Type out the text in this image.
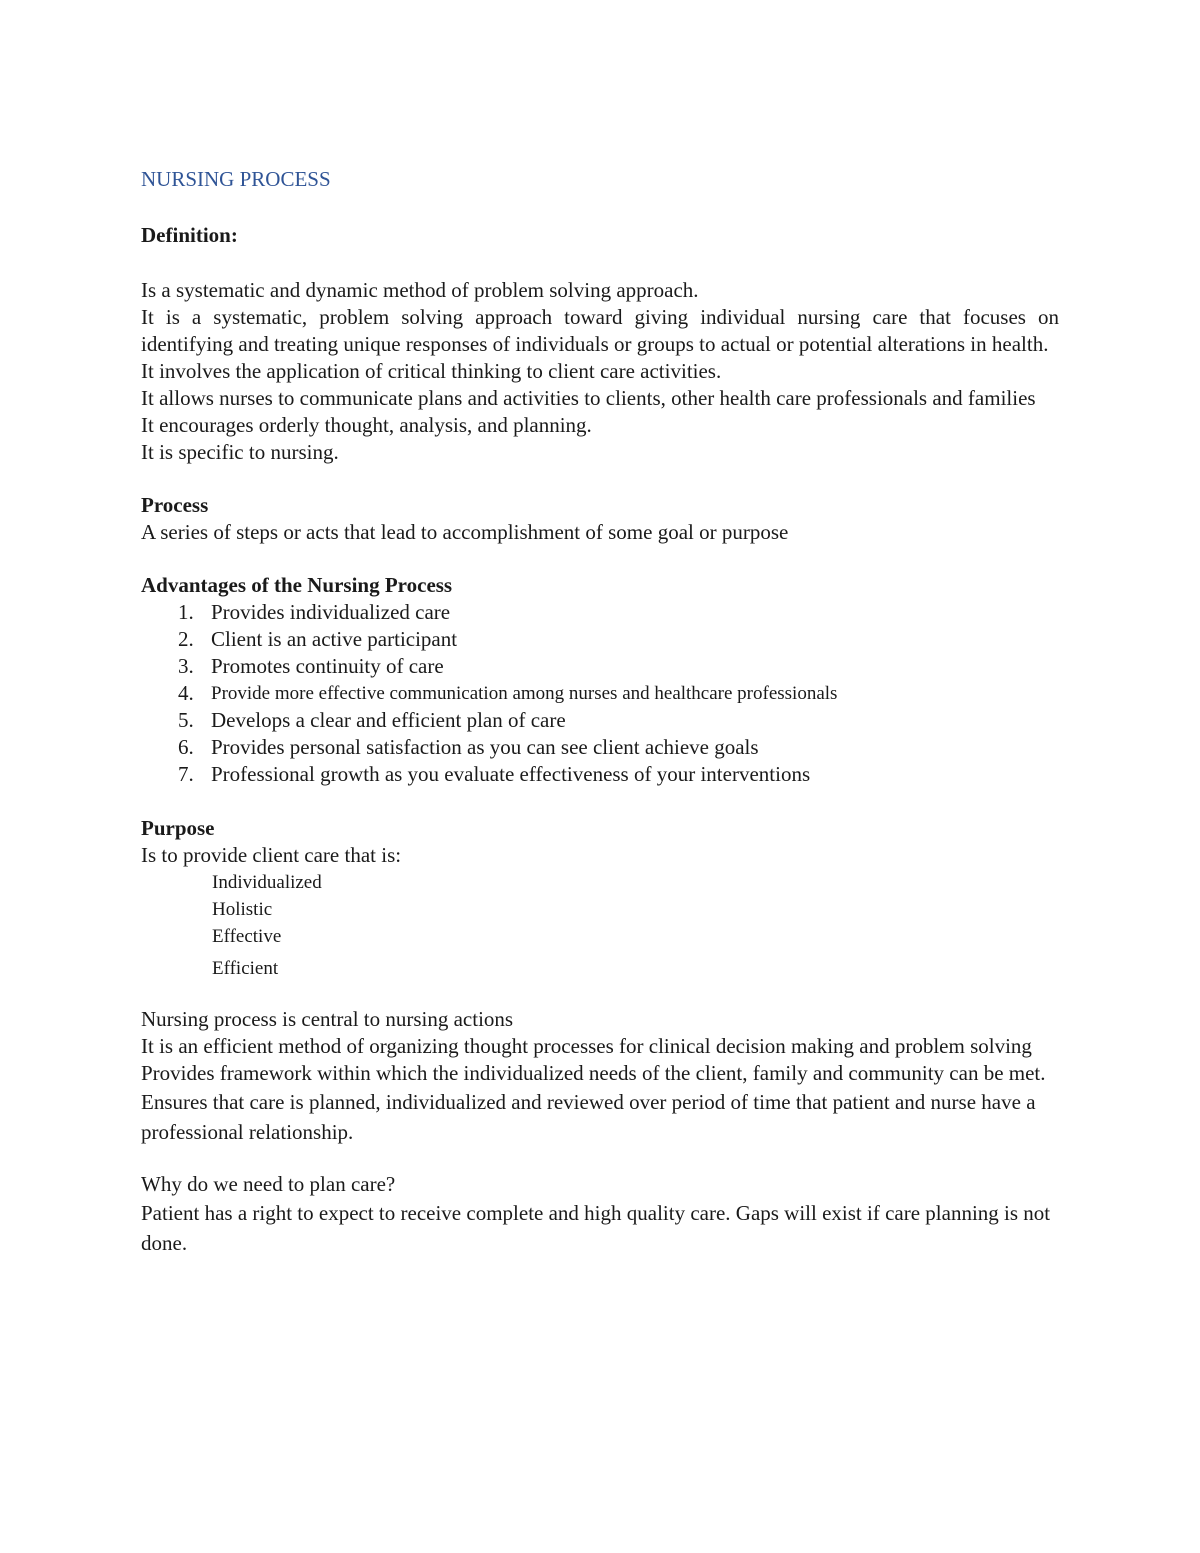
NURSING PROCESS

Definition:

Is a systematic and dynamic method of problem solving approach.

It is a systematic, problem solving approach toward giving individual nursing care that focuses on identifying and treating unique responses of individuals or groups to actual or potential alterations in health.

It involves the application of critical thinking to client care activities.

It allows nurses to communicate plans and activities to clients, other health care professionals and families

It encourages orderly thought, analysis, and planning.

It is specific to nursing.

Process

A series of steps or acts that lead to accomplishment of some goal or purpose

Advantages of the Nursing Process

1 .	Provides individualized care
2 .	Client is an active participant
3 .	Promotes continuity of care
4 .	Provide more effective communication among nurses and healthcare professionals
5 .	Develops a clear and efficient plan of care
6 .	Provides personal satisfaction as you can see client achieve goals
7 .	Professional growth as you evaluate effectiveness of your interventions

Purpose

Is to provide client care that is:

Individualized
Holistic
Effective
Efficient

Nursing process is central to nursing actions

It is an efficient method of organizing thought processes for clinical decision making and problem solving

Provides framework within which the individualized needs of the client, family and community can be met.

Ensures that care is planned, individualized and reviewed over period of time that patient and nurse have a professional relationship.

Why do we need to plan care?

Patient has a right to expect to receive complete and high quality care. Gaps will exist if care planning is not done.
